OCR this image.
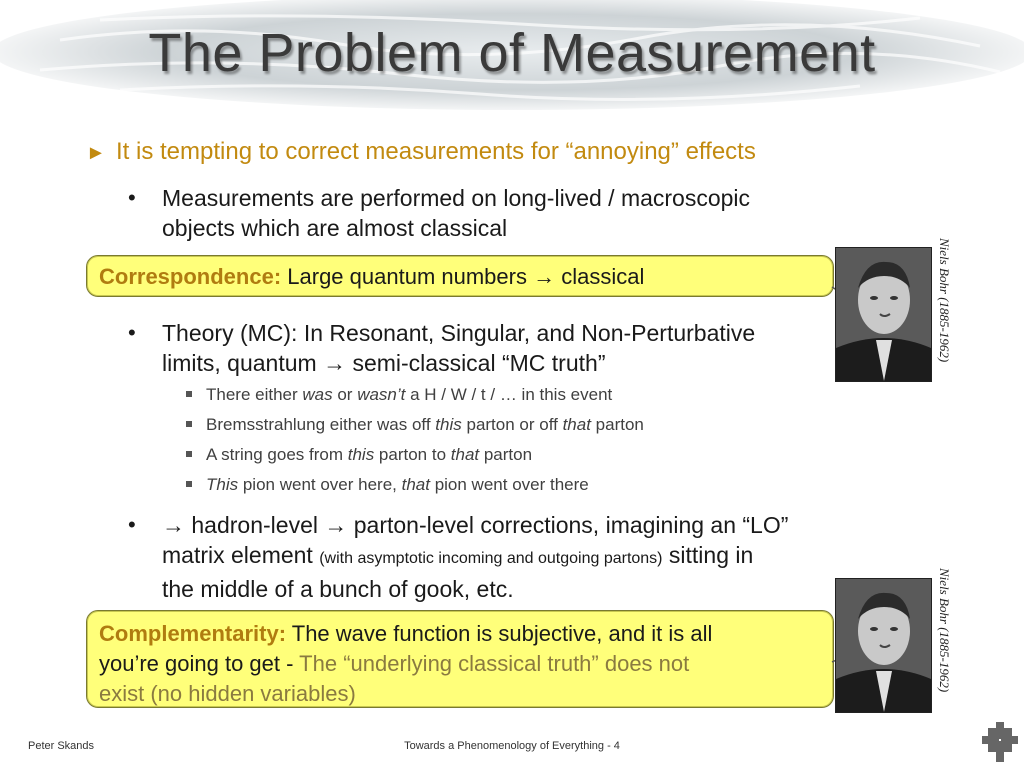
The Problem of Measurement
► It is tempting to correct measurements for “annoying” effects
• Measurements are performed on long-lived / macroscopic
objects which are almost classical
Correspondence: Large quantum numbers → classical	Niels Bohr (1885-1962)
• Theory (MC): In Resonant, Singular, and Non-Perturbative
limits, quantum → semi-classical “MC truth”
There either was or wasn’t a H / W / t / … in this event
Bremsstrahlung either was off this parton or off that parton
A string goes from this parton to that parton
This pion went over here, that pion went over there
• → hadron-level → parton-level corrections, imagining an “LO”
matrix element (with asymptotic incoming and outgoing partons) sitting in
the middle of a bunch of gook, etc.
Complementarity: The wave function is subjective, and it is all
you’re going to get - The “underlying classical truth” does not
exist (no hidden variables)
Niels Bohr (1885-1962)
Peter Skands	Towards a Phenomenology of Everything - 4
